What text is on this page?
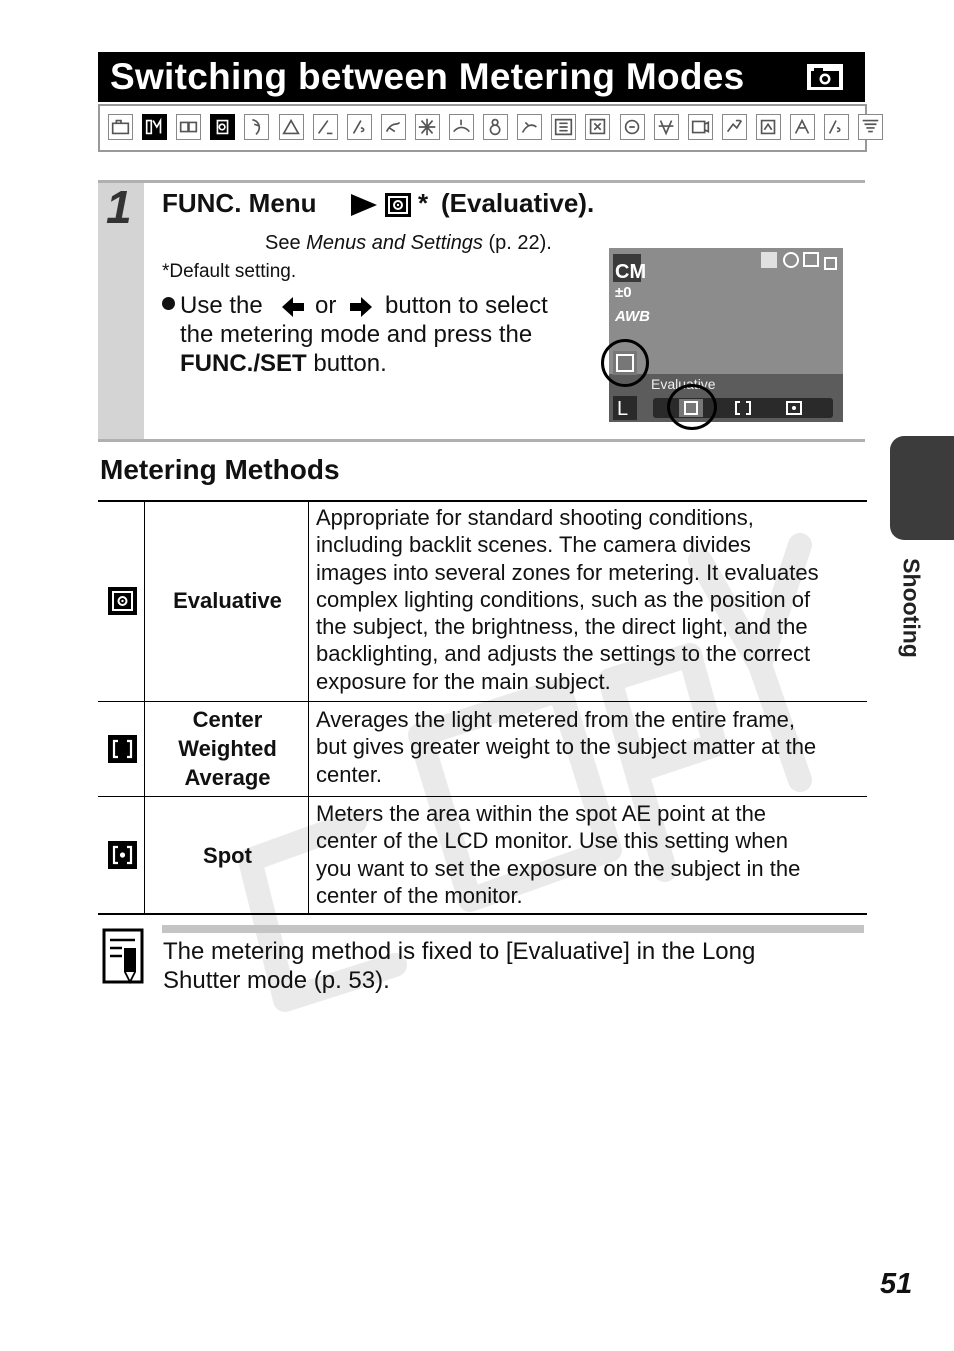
Switching between Metering Modes
1 FUNC. Menu	* (Evaluative).
See Menus and Settings (p. 22).
*Default setting.
Use the or button to select
the metering mode and press the
FUNC./SET button.
CM
±0
AWB
L
Evaluative
Metering Methods
Evaluative
Appropriate for standard shooting conditions,
including backlit scenes. The camera divides
images into several zones for metering. It evaluates
complex lighting conditions, such as the position of
the subject, the brightness, the direct light, and the
backlighting, and adjusts the settings to the correct
exposure for the main subject.
Center
Weighted
Average
Averages the light metered from the entire frame,
but gives greater weight to the subject matter at the
center.
Spot
Meters the area within the spot AE point at the
center of the LCD monitor. Use this setting when
you want to set the exposure on the subject in the
center of the monitor.
The metering method is fixed to [Evaluative] in the Long
Shutter mode (p. 53).
Shooting
51
